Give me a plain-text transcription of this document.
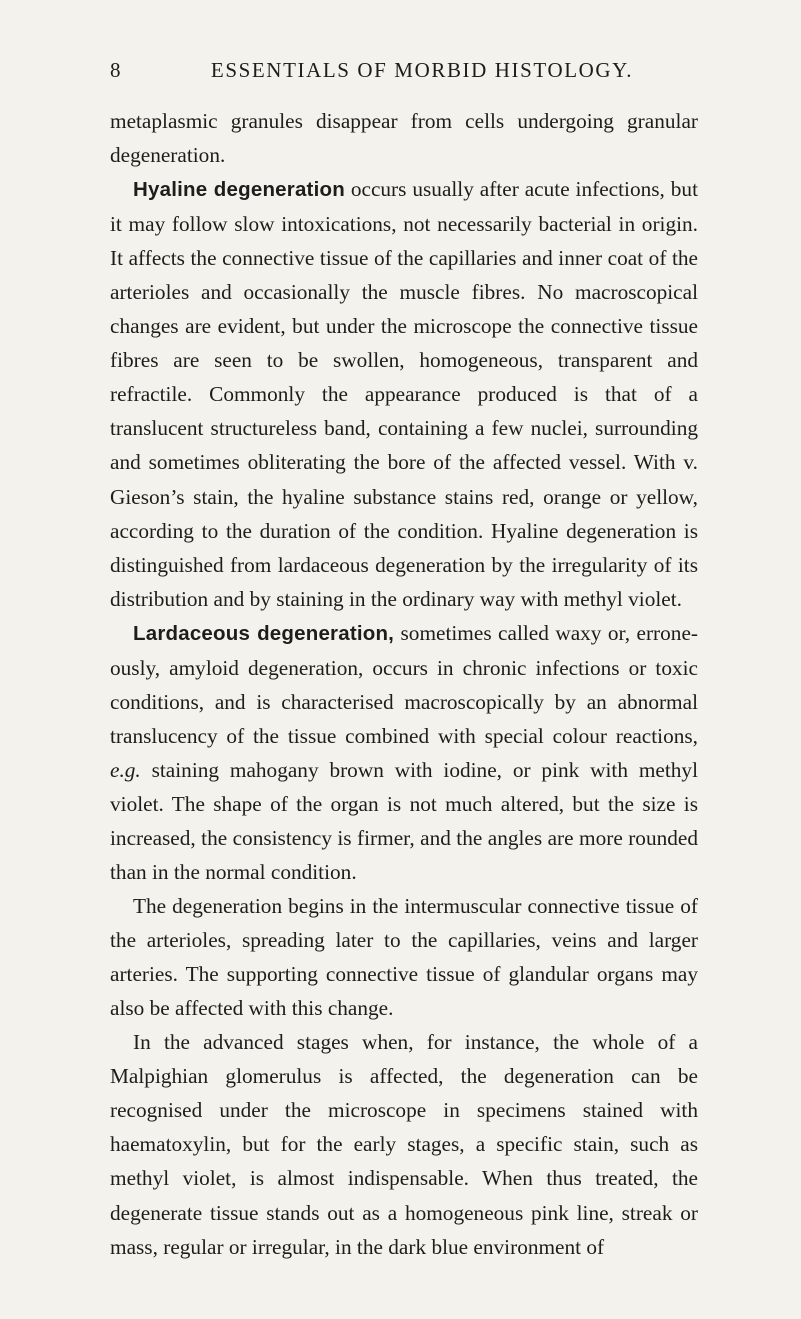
8	ESSENTIALS OF MORBID HISTOLOGY.

metaplasmic granules disappear from cells undergoing granular degeneration.

Hyaline degeneration occurs usually after acute infections, but it may follow slow intoxications, not necessarily bacterial in origin. It affects the connective tissue of the capillaries and inner coat of the arterioles and occasionally the muscle fibres. No macroscopical changes are evident, but under the microscope the connective tissue fibres are seen to be swollen, homogeneous, transparent and refractile. Commonly the appearance produced is that of a translucent structureless band, containing a few nuclei, surrounding and sometimes obliterating the bore of the affected vessel. With v. Gieson’s stain, the hyaline substance stains red, orange or yellow, according to the duration of the condition. Hyaline degeneration is distinguished from lardaceous degeneration by the irregularity of its distribution and by staining in the ordinary way with methyl violet.

Lardaceous degeneration, sometimes called waxy or, erroneously, amyloid degeneration, occurs in chronic infections or toxic conditions, and is characterised macroscopically by an abnormal translucency of the tissue combined with special colour reactions, e.g. staining mahogany brown with iodine, or pink with methyl violet. The shape of the organ is not much altered, but the size is increased, the consistency is firmer, and the angles are more rounded than in the normal condition.

The degeneration begins in the intermuscular connective tissue of the arterioles, spreading later to the capillaries, veins and larger arteries. The supporting connective tissue of glandular organs may also be affected with this change.

In the advanced stages when, for instance, the whole of a Malpighian glomerulus is affected, the degeneration can be recognised under the microscope in specimens stained with haematoxylin, but for the early stages, a specific stain, such as methyl violet, is almost indispensable. When thus treated, the degenerate tissue stands out as a homogeneous pink line, streak or mass, regular or irregular, in the dark blue environment of
